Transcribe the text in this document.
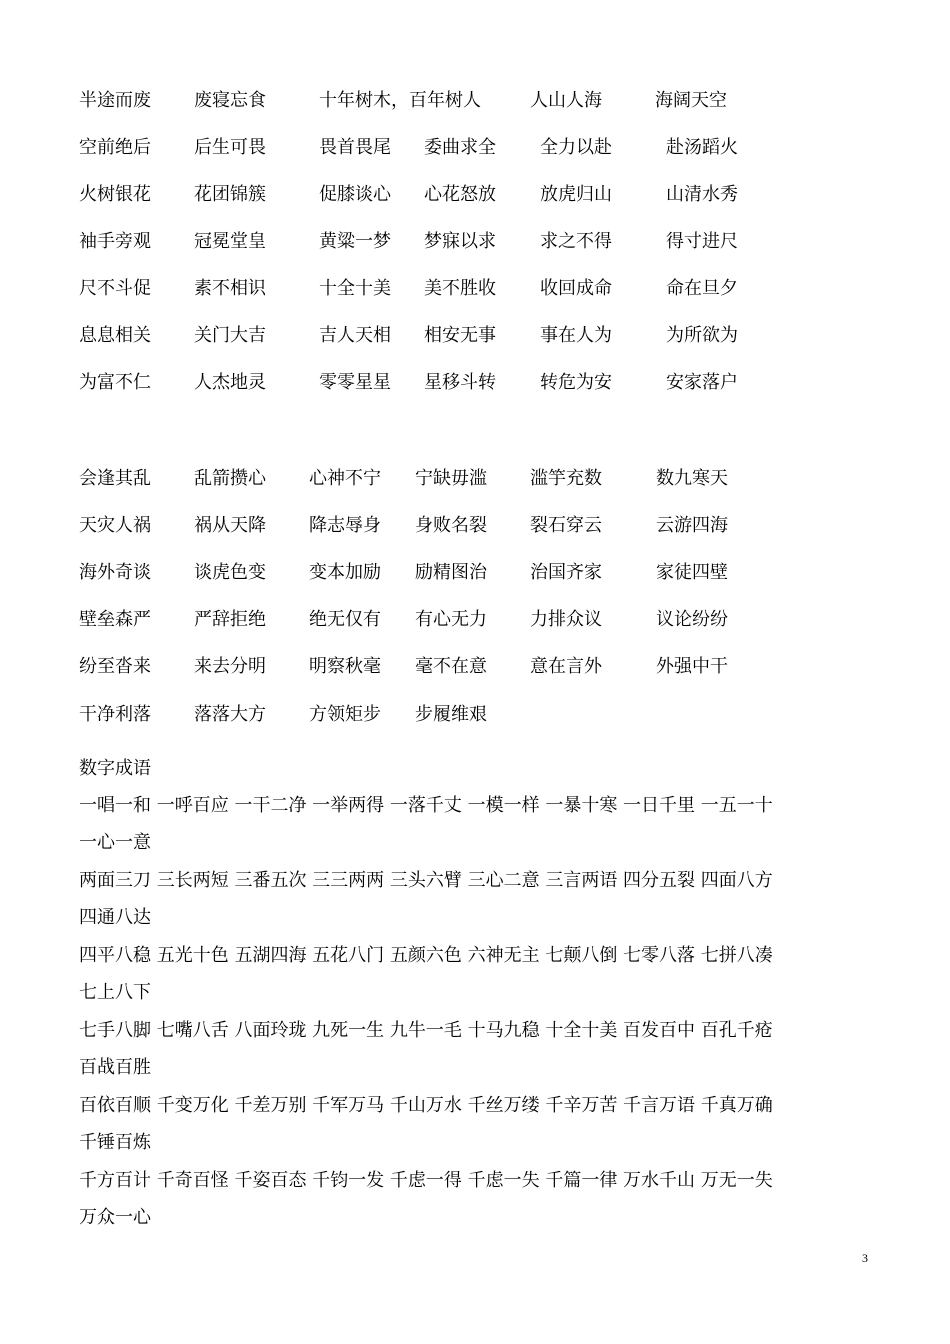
半途而废 废寝忘食	十年树木，百年树人	人山人海	海阔天空
空前绝后 后生可畏	畏首畏尾 委曲求全 全力以赴	赴汤蹈火
火树银花 花团锦簇	促膝谈心 心花怒放 放虎归山	山清水秀
袖手旁观 冠冕堂皇	黄粱一梦 梦寐以求 求之不得	得寸进尺
尺不斗促 素不相识	十全十美 美不胜收 收回成命	命在旦夕
息息相关 关门大吉	吉人天相 相安无事 事在人为	为所欲为
为富不仁 人杰地灵	零零星星 星移斗转 转危为安	安家落户
会逢其乱 乱箭攒心 心神不宁 宁缺毋滥 滥竽充数	数九寒天
天灾人祸 祸从天降 降志辱身 身败名裂 裂石穿云	云游四海
海外奇谈 谈虎色变 变本加励 励精图治 治国齐家	家徒四壁
壁垒森严 严辞拒绝 绝无仅有 有心无力 力排众议	议论纷纷
纷至沓来 来去分明 明察秋毫 毫不在意 意在言外	外强中干
干净利落 落落大方 方领矩步 步履维艰
数字成语
一唱一和 一呼百应 一干二净 一举两得 一落千丈 一模一样 一暴十寒 一日千里 一五一十
一心一意
两面三刀 三长两短 三番五次 三三两两 三头六臂 三心二意 三言两语 四分五裂 四面八方
四通八达
四平八稳 五光十色 五湖四海 五花八门 五颜六色 六神无主 七颠八倒 七零八落 七拼八凑
七上八下
七手八脚 七嘴八舌 八面玲珑 九死一生 九牛一毛 十马九稳 十全十美 百发百中 百孔千疮
百战百胜
百依百顺 千变万化 千差万别 千军万马 千山万水 千丝万缕 千辛万苦 千言万语 千真万确
千锤百炼
千方百计 千奇百怪 千姿百态 千钧一发 千虑一得 千虑一失 千篇一律 万水千山 万无一失
万众一心
3
